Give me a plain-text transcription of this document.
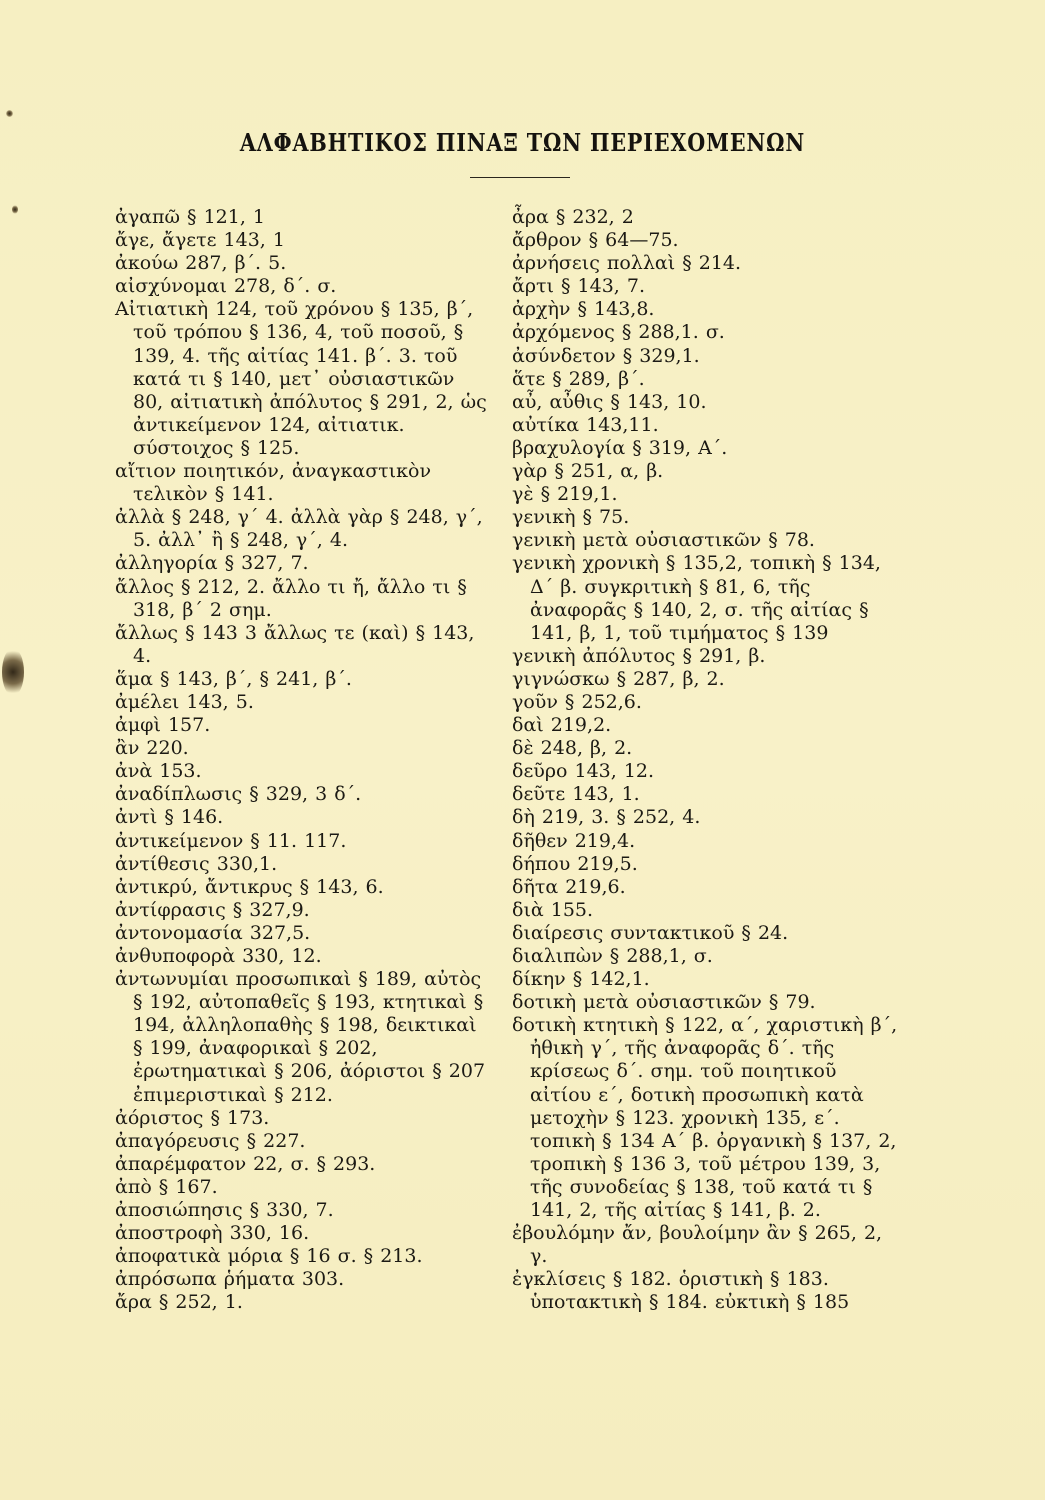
ΑΛΦΑΒΗΤΙΚΟΣ ΠΙΝΑΞ ΤΩΝ ΠΕΡΙΕΧΟΜΕΝΩΝ
ἀγαπῶ § 121, 1
ἄγε, ἄγετε 143, 1
ἀκούω 287, β΄. 5.
αἰσχύνομαι 278, δ΄. σ.
Αἰτιατικὴ 124, τοῦ χρόνου § 135, β΄, τοῦ τρόπου § 136, 4, τοῦ ποσοῦ, § 139, 4. τῆς αἰτίας 141. β΄. 3. τοῦ κατά τι § 140, μετ᾽ οὐσιαστικῶν 80, αἰτιατικὴ ἀπόλυτος § 291, 2, ὡς ἀντικείμενον 124, αἰτιατικ. σύστοιχος § 125.
αἴτιον ποιητικόν, ἀναγκαστικὸν τελικὸν § 141.
ἀλλὰ § 248, γ΄ 4. ἀλλὰ γὰρ § 248, γ΄, 5. ἀλλ᾽ ἢ § 248, γ΄, 4.
ἀλληγορία § 327, 7.
ἄλλος § 212, 2. ἄλλο τι ἤ, ἄλλο τι § 318, β΄ 2 σημ.
ἄλλως § 143 3 ἄλλως τε (καὶ) § 143, 4.
ἅμα § 143, β΄, § 241, β΄.
ἀμέλει 143, 5.
ἀμφὶ 157.
ἂν 220.
ἀνὰ 153.
ἀναδίπλωσις § 329, 3 δ΄.
ἀντὶ § 146.
ἀντικείμενον § 11. 117.
ἀντίθεσις 330,1.
ἀντικρύ, ἄντικρυς § 143, 6.
ἀντίφρασις § 327,9.
ἀντονομασία 327,5.
ἀνθυποφορὰ 330, 12.
ἀντωνυμίαι προσωπικαὶ § 189, αὐτὸς § 192, αὐτοπαθεῖς § 193, κτητικαὶ § 194, ἀλληλοπαθὴς § 198, δεικτικαὶ § 199, ἀναφορικαὶ § 202, ἐρωτηματικαὶ § 206, ἀόριστοι § 207 ἐπιμεριστικαὶ § 212.
ἀόριστος § 173.
ἀπαγόρευσις § 227.
ἀπαρέμφατον 22, σ. § 293.
ἀπὸ § 167.
ἀποσιώπησις § 330, 7.
ἀποστροφὴ 330, 16.
ἀποφατικὰ μόρια § 16 σ. § 213.
ἀπρόσωπα ῥήματα 303.
ἄρα § 252, 1.
ἆρα § 232, 2
ἄρθρον § 64—75.
ἀρνήσεις πολλαὶ § 214.
ἄρτι § 143, 7.
ἀρχὴν § 143,8.
ἀρχόμενος § 288,1. σ.
ἀσύνδετον § 329,1.
ἅτε § 289, β΄.
αὖ, αὖθις § 143, 10.
αὐτίκα 143,11.
βραχυλογία § 319, Α΄.
γὰρ § 251, α, β.
γὲ § 219,1.
γενικὴ § 75.
γενικὴ μετὰ οὐσιαστικῶν § 78.
γενικὴ χρονικὴ § 135,2, τοπικὴ § 134, Δ΄ β. συγκριτικὴ § 81, 6, τῆς ἀναφορᾶς § 140, 2, σ. τῆς αἰτίας § 141, β, 1, τοῦ τιμήματος § 139
γενικὴ ἀπόλυτος § 291, β.
γιγνώσκω § 287, β, 2.
γοῦν § 252,6.
δαὶ 219,2.
δὲ 248, β, 2.
δεῦρο 143, 12.
δεῦτε 143, 1.
δὴ 219, 3. § 252, 4.
δῆθεν 219,4.
δήπου 219,5.
δῆτα 219,6.
διὰ 155.
διαίρεσις συντακτικοῦ § 24.
διαλιπὼν § 288,1, σ.
δίκην § 142,1.
δοτικὴ μετὰ οὐσιαστικῶν § 79.
δοτικὴ κτητικὴ § 122, α΄, χαριστικὴ β΄, ἠθικὴ γ΄, τῆς ἀναφορᾶς δ΄. τῆς κρίσεως δ΄. σημ. τοῦ ποιητικοῦ αἰτίου ε΄, δοτικὴ προσωπικὴ κατὰ μετοχὴν § 123. χρονικὴ 135, ε΄. τοπικὴ § 134 Α΄ β. ὀργανικὴ § 137, 2, τροπικὴ § 136 3, τοῦ μέτρου 139, 3, τῆς συνοδείας § 138, τοῦ κατά τι § 141, 2, τῆς αἰτίας § 141, β. 2.
ἐβουλόμην ἄν, βουλοίμην ἂν § 265, 2, γ.
ἐγκλίσεις § 182. ὁριστικὴ § 183. ὑποτακτικὴ § 184. εὐκτικὴ § 185
